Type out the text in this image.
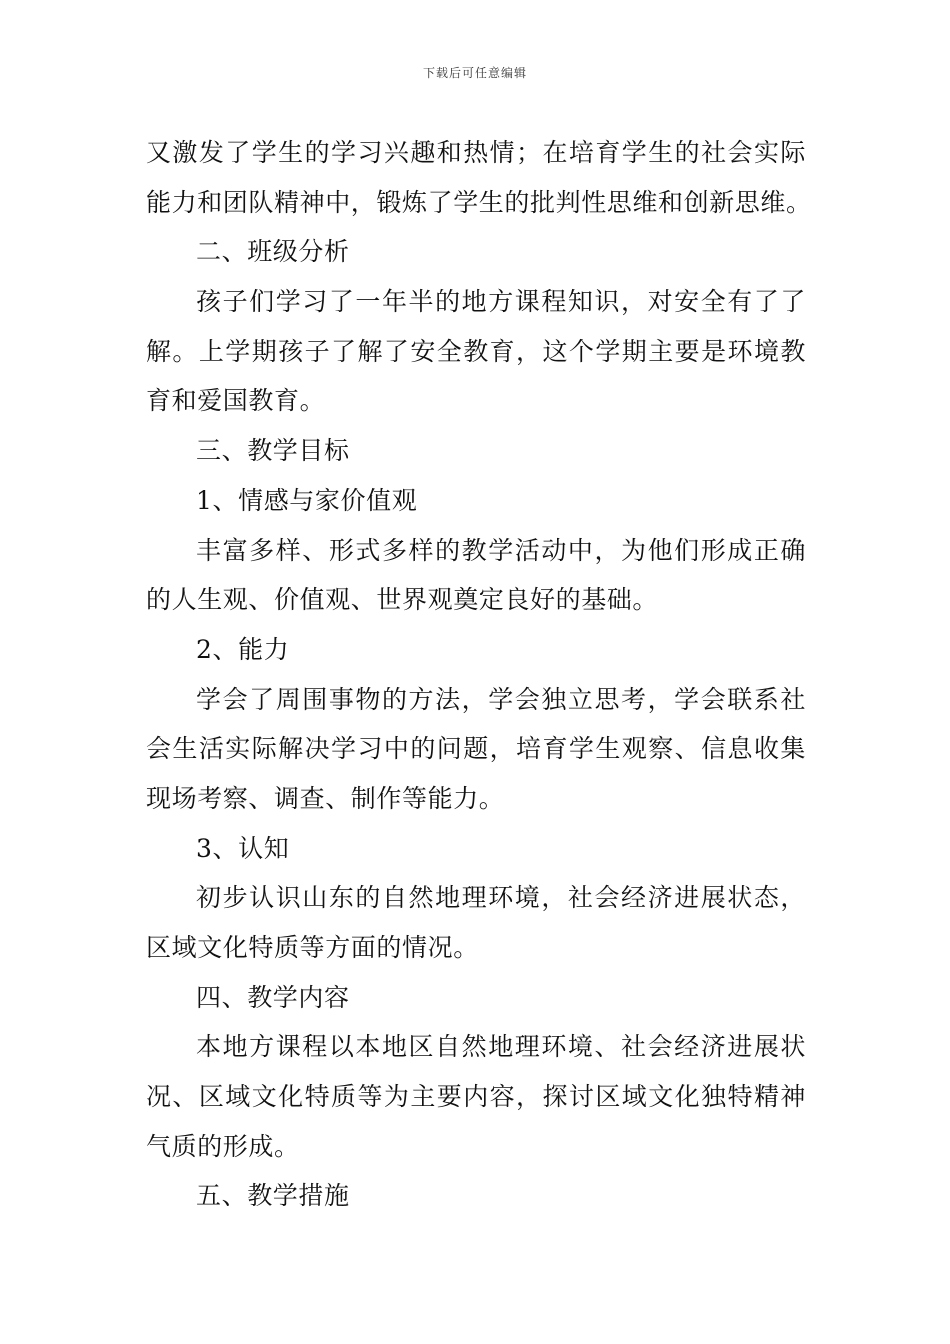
下载后可任意编辑
又激发了学生的学习兴趣和热情；在培育学生的社会实际
能力和团队精神中，锻炼了学生的批判性思维和创新思维。
二、班级分析
孩子们学习了一年半的地方课程知识，对安全有了了
解。上学期孩子了解了安全教育，这个学期主要是环境教
育和爱国教育。
三、教学目标
1、情感与家价值观
丰富多样、形式多样的教学活动中，为他们形成正确
的人生观、价值观、世界观奠定良好的基础。
2、能力
学会了周围事物的方法，学会独立思考，学会联系社
会生活实际解决学习中的问题，培育学生观察、信息收集
现场考察、调查、制作等能力。
3、认知
初步认识山东的自然地理环境，社会经济进展状态，
区域文化特质等方面的情况。
四、教学内容
本地方课程以本地区自然地理环境、社会经济进展状
况、区域文化特质等为主要内容，探讨区域文化独特精神
气质的形成。
五、教学措施
